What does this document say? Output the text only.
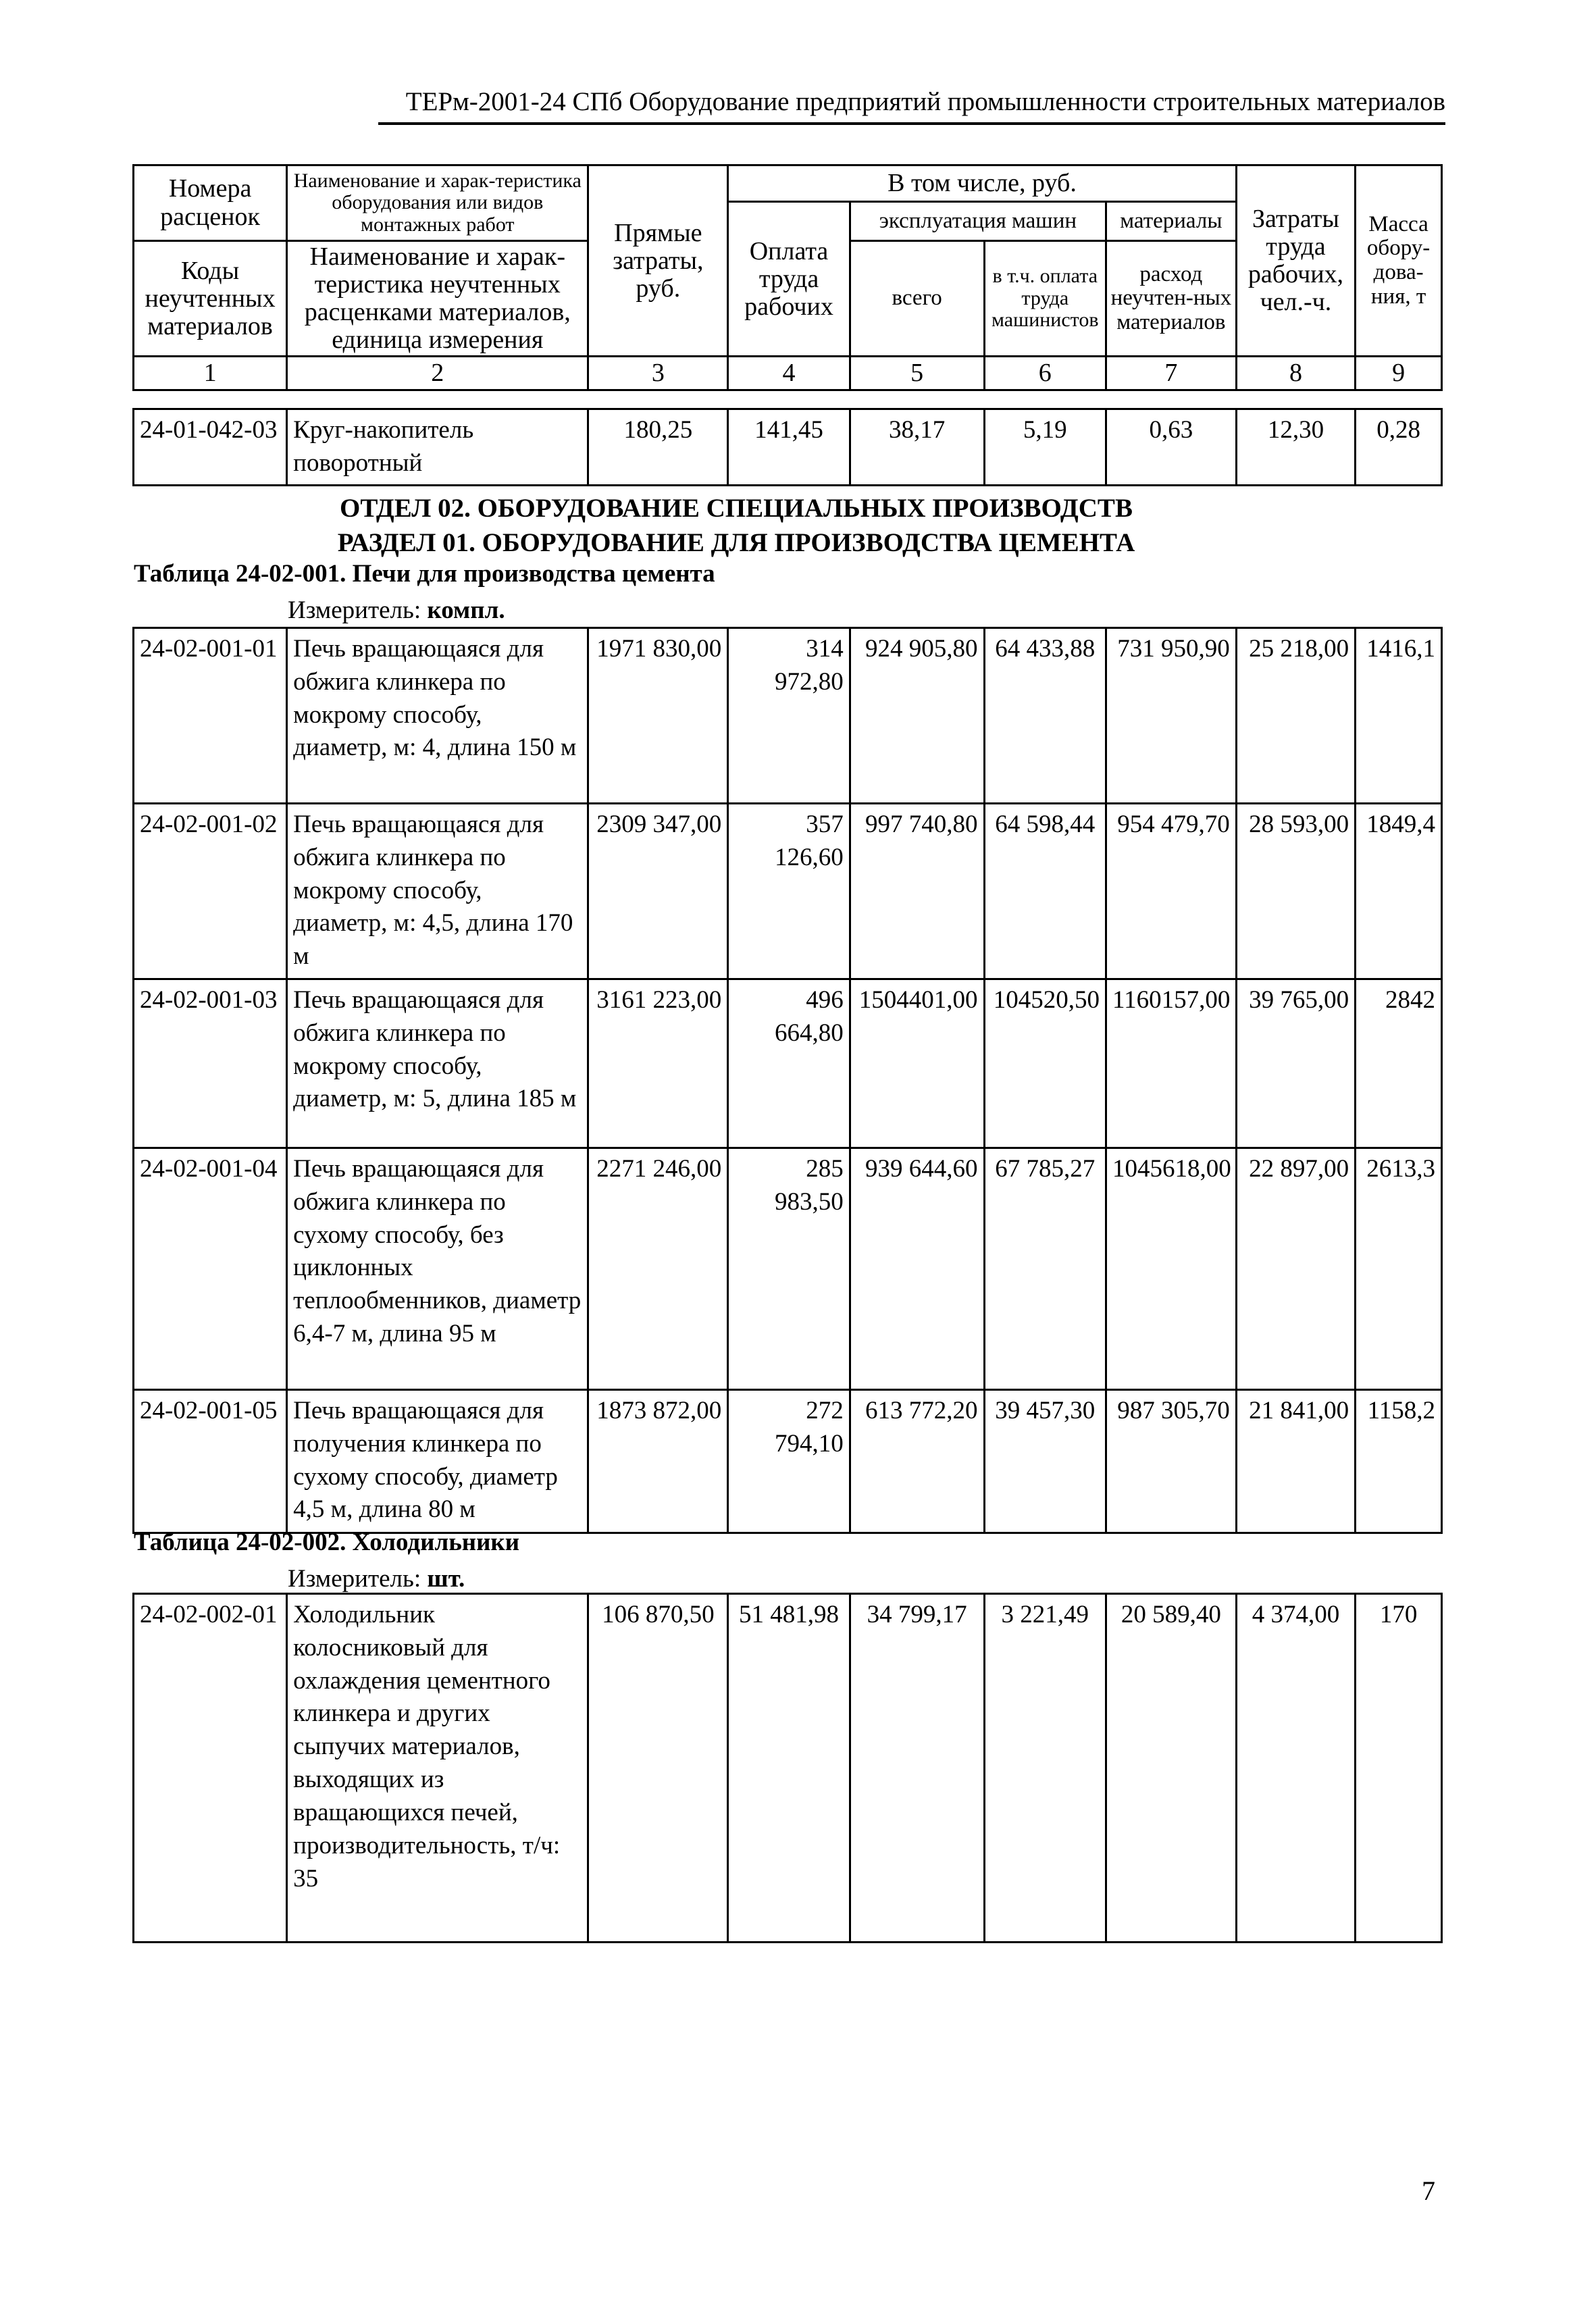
ТЕРм-2001-24 СПб Оборудование предприятий промышленности строительных материалов
Номера расценок	Наименование и харак-теристика оборудования или видов монтажных работ	Прямые затраты, руб.	В том числе, руб.				Затраты труда рабочих, чел.-ч.	Масса обору-дова-ния, т
			Оплата труда рабочих	эксплуатация машин		материалы		
Коды неучтенных материалов	Наименование и харак-теристика неучтенных расценками материалов, единица измерения			всего	в т.ч. оплата труда машинистов	расход неучтен-ных материалов		

1	2	3	4	5	6	7	8	9
24-01-042-03	Круг-накопитель поворотный	180,25	141,45	38,17	5,19	0,63	12,30	0,28
ОТДЕЛ 02. ОБОРУДОВАНИЕ СПЕЦИАЛЬНЫХ ПРОИЗВОДСТВ
РАЗДЕЛ 01. ОБОРУДОВАНИЕ ДЛЯ ПРОИЗВОДСТВА ЦЕМЕНТА
Таблица 24-02-001. Печи для производства цемента
Измеритель: компл.
24-02-001-01	Печь вращающаяся для обжига клинкера по мокрому способу, диаметр, м: 4, длина 150 м	1971 830,00	314 972,80	924 905,80	64 433,88	731 950,90	25 218,00	1416,1
24-02-001-02	Печь вращающаяся для обжига клинкера по мокрому способу, диаметр, м: 4,5, длина 170 м	2309 347,00	357 126,60	997 740,80	64 598,44	954 479,70	28 593,00	1849,4
24-02-001-03	Печь вращающаяся для обжига клинкера по мокрому способу, диаметр, м: 5, длина 185 м	3161 223,00	496 664,80	1504401,00	104520,50	1160157,00	39 765,00	2842
24-02-001-04	Печь вращающаяся для обжига клинкера по сухому способу, без циклонных теплообменников, диаметр 6,4-7 м, длина 95 м	2271 246,00	285 983,50	939 644,60	67 785,27	1045618,00	22 897,00	2613,3
24-02-001-05	Печь вращающаяся для получения клинкера по сухому способу, диаметр 4,5 м, длина 80 м	1873 872,00	272 794,10	613 772,20	39 457,30	987 305,70	21 841,00	1158,2
Таблица 24-02-002. Холодильники
Измеритель: шт.
24-02-002-01	Холодильник колосниковый для охлаждения цементного клинкера и других сыпучих материалов, выходящих из вращающихся печей, производительность, т/ч: 35	106 870,50	51 481,98	34 799,17	3 221,49	20 589,40	4 374,00	170
7
